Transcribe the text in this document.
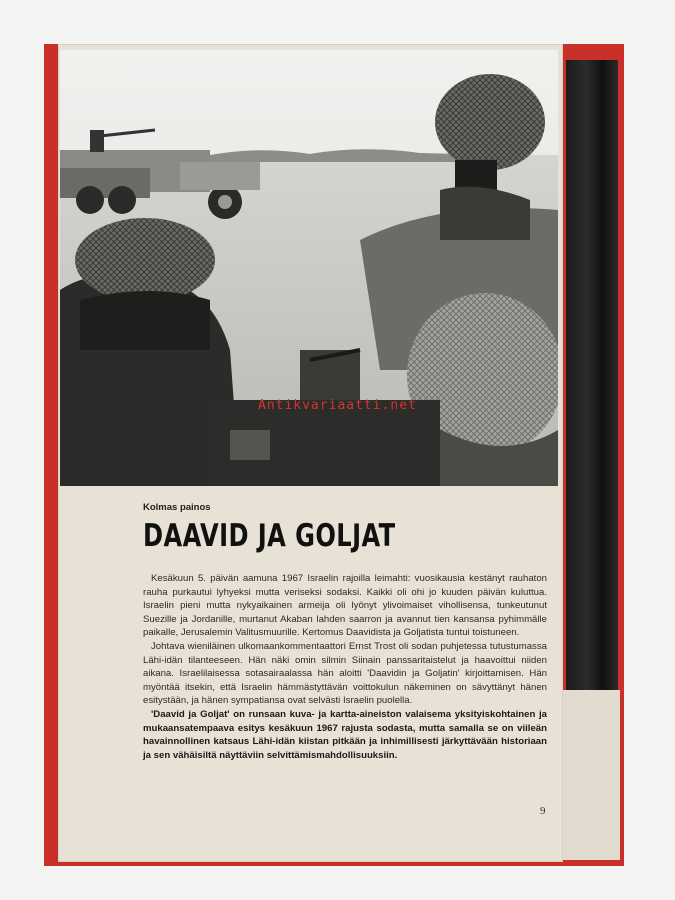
Antikvariaatti.net
Kolmas painos
DAAVID JA GOLJAT

Kesäkuun 5. päivän aamuna 1967 Israelin rajoilla leimahti: vuosikausia kestänyt rauhaton rauha purkautui lyhyeksi mutta veriseksi sodaksi. Kaikki oli ohi jo kuuden päivän kuluttua. Israelin pieni mutta nykyaikainen armeija oli lyönyt ylivoimaiset vihollisensa, tunkeutunut Suezille ja Jordanille, murtanut Akaban lahden saarron ja avannut tien kansansa pyhimmälle paikalle, Jerusalemin Valitusmuurille. Kertomus Daavidista ja Goljatista tuntui toistuneen.

Johtava wieniläinen ulkomaankommentaattori Ernst Trost oli sodan puhjetessa tutustumassa Lähi-idän tilanteeseen. Hän näki omin silmin Siinain panssaritaistelut ja haavoittui niiden aikana. Israelilaisessa sotasairaalassa hän aloitti 'Daavidin ja Goljatin' kirjoittamisen. Hän myöntää itsekin, että Israelin hämmästyttävän voittokulun näkeminen on sävyttänyt hänen esitystään, ja hänen sympatiansa ovat selvästi Israelin puolella.

'Daavid ja Goljat' on runsaan kuva- ja kartta-aineiston valaisema yksityiskohtainen ja mukaansatempaava esitys kesäkuun 1967 rajusta sodasta, mutta samalla se on viileän havainnollinen katsaus Lähi-idän kiistan pitkään ja inhimillisesti järkyttävään historiaan ja sen vähäisiltä näyttäviin selvittämismahdollisuuksiin.

9
